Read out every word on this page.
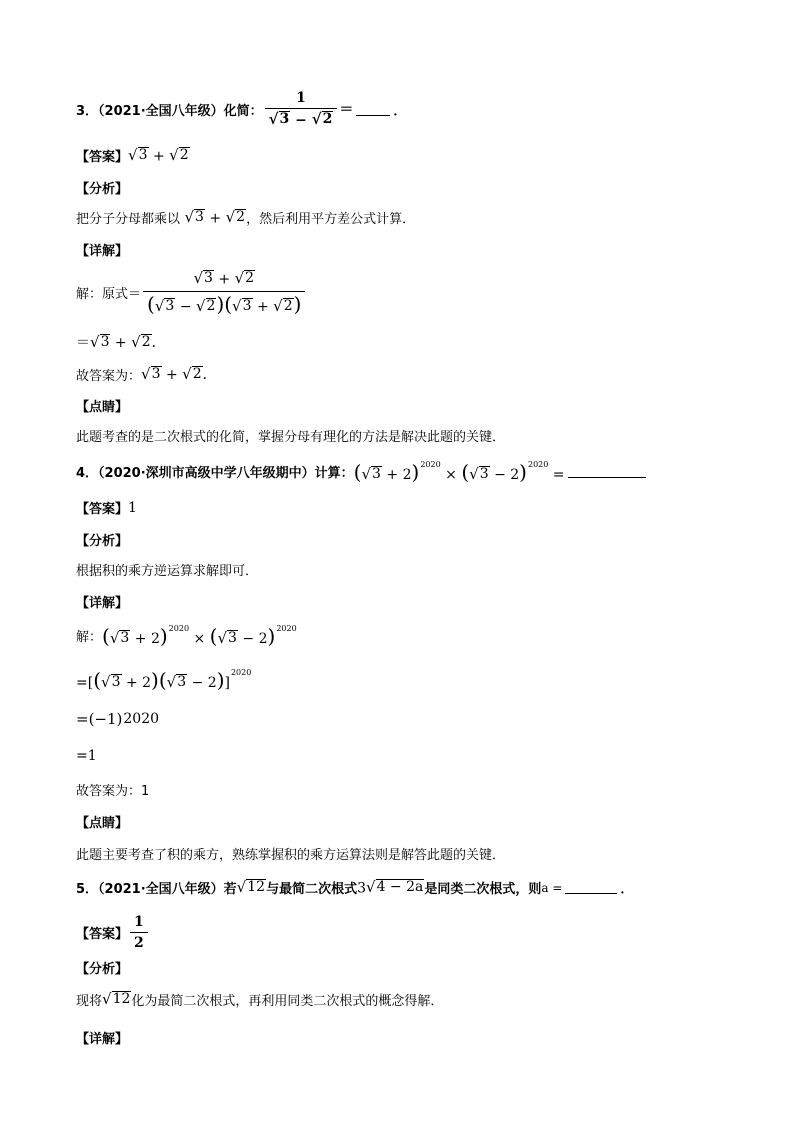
3．（2021·全国八年级）化简： $\frac{1}{√ 3 - √ 2}$ ＝	．
【答案】 √ 3 + √ 2
【分析】
把分子分母都乘以
√ 3 + √ 2 ，然后利用平方差公式计算．
【详解】
解：原式＝ $\frac{√ 3 + √ 2}{( √ 3 - √ 2 )( √ 3 + √ 2 )}$
＝ √ 3 + √ 2 ．
故答案为： √ 3 + √ 2 ．
【点睛】
此题考查的是二次根式的化简，掌握分母有理化的方法是解决此题的关键．
4．（2020·深圳市高级中学八年级期中）计算： ( √ 3 + 2)$^{2020}$ × ( √ 3 − 2)$^{2020}$ =
【答案】 1
【分析】
根据积的乘方逆运算求解即可．
【详解】
解： ( √ 3 + 2)$^{2020}$ × ( √ 3 − 2)$^{2020}$
=[( √ 3 + 2)( √ 3 − 2)]$^{2020}$
=(−1) 2020
=1
故答案为：1
【点睛】
此题主要考查了积的乘方，熟练掌握积的乘方运算法则是解答此题的关键．
5．（2021·全国八年级）若 √ 12 与最简二次根式 3 √ 4 − 2a 是同类二次根式，则 a =	．
【答案】 $\frac{1}{2}$
【分析】
现将 √ 12 化为最简二次根式，再利用同类二次根式的概念得解．
【详解】
